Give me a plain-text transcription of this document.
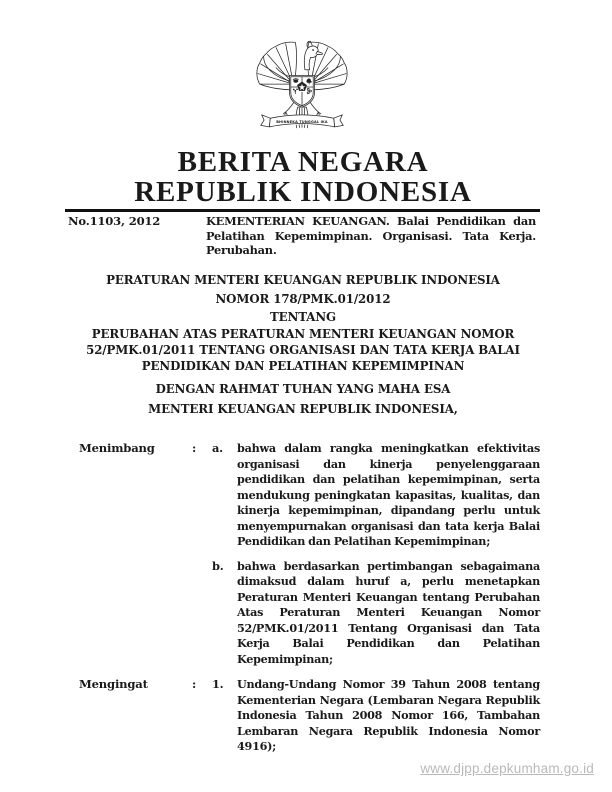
BHINNEKA TUNGGAL IKA
BERITA NEGARA
REPUBLIK INDONESIA
No.1103, 2012	KEMENTERIAN KEUANGAN. Balai Pendidikan dan Pelatihan Kepemimpinan. Organisasi. Tata Kerja. Perubahan.
PERATURAN MENTERI KEUANGAN REPUBLIK INDONESIA
NOMOR 178/PMK.01/2012
TENTANG
PERUBAHAN ATAS PERATURAN MENTERI KEUANGAN NOMOR 52/PMK.01/2011 TENTANG ORGANISASI DAN TATA KERJA BALAI PENDIDIKAN DAN PELATIHAN KEPEMIMPINAN
DENGAN RAHMAT TUHAN YANG MAHA ESA
MENTERI KEUANGAN REPUBLIK INDONESIA,
Menimbang	:	a.	bahwa dalam rangka meningkatkan efektivitas organisasi dan kinerja penyelenggaraan pendidikan dan pelatihan kepemimpinan, serta mendukung peningkatan kapasitas, kualitas, dan kinerja kepemimpinan, dipandang perlu untuk menyempurnakan organisasi dan tata kerja Balai Pendidikan dan Pelatihan Kepemimpinan;
b.	bahwa berdasarkan pertimbangan sebagaimana dimaksud dalam huruf a, perlu menetapkan Peraturan Menteri Keuangan tentang Perubahan Atas Peraturan Menteri Keuangan Nomor 52/PMK.01/2011 Tentang Organisasi dan Tata Kerja Balai Pendidikan dan Pelatihan Kepemimpinan;
Mengingat	:	1.	Undang-Undang Nomor 39 Tahun 2008 tentang Kementerian Negara (Lembaran Negara Republik Indonesia Tahun 2008 Nomor 166, Tambahan Lembaran Negara Republik Indonesia Nomor 4916);
www.djpp.depkumham.go.id
